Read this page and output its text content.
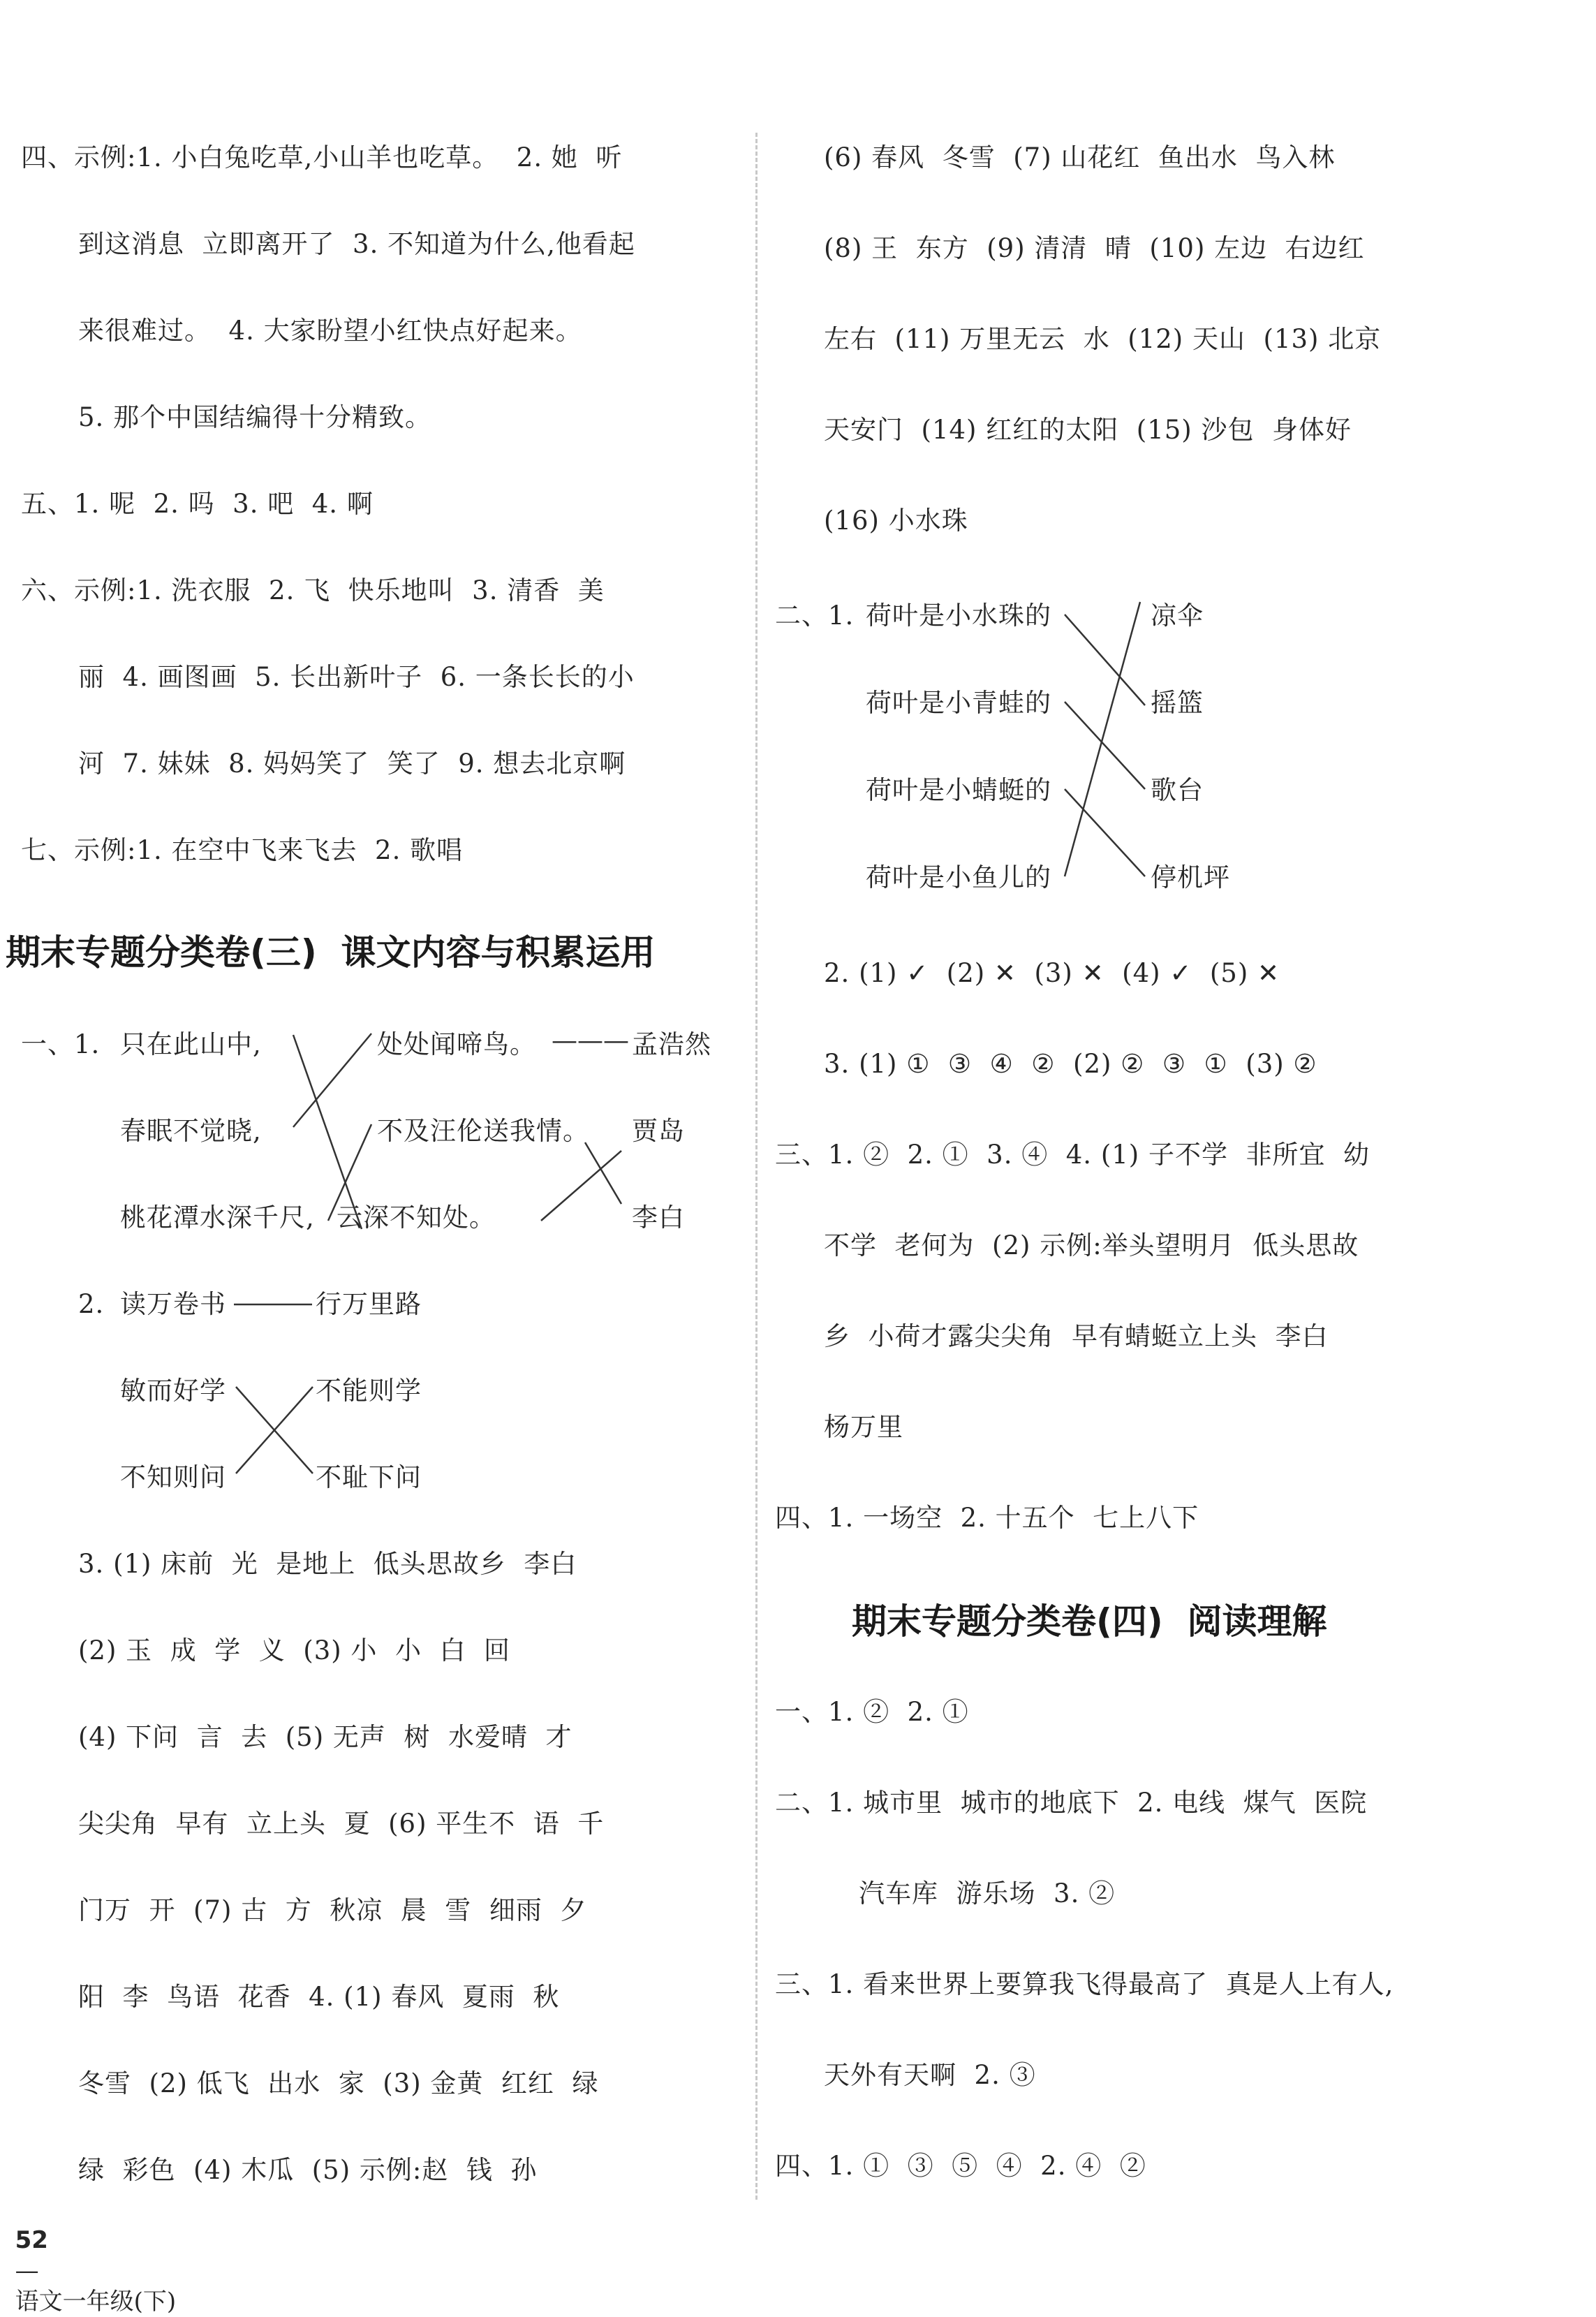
四、示例:1. 小白兔吃草,小山羊也吃草。  2. 她  听
到这消息  立即离开了  3. 不知道为什么,他看起
来很难过。  4. 大家盼望小红快点好起来。
5. 那个中国结编得十分精致。
五、1. 呢  2. 吗  3. 吧  4. 啊
六、示例:1. 洗衣服  2. 飞  快乐地叫  3. 清香  美
丽  4. 画图画  5. 长出新叶子  6. 一条长长的小
河  7. 妹妹  8. 妈妈笑了  笑了  9. 想去北京啊
七、示例:1. 在空中飞来飞去  2. 歌唱
期末专题分类卷(三)  课文内容与积累运用
一、1. 只在此山中,
春眠不觉晓,
桃花潭水深千尺,
处处闻啼鸟。
不及汪伦送我情。
云深不知处。
——— 孟浩然
贾岛
李白
2. 读万卷书	行万里路
敏而好学
不知则问
不能则学
不耻下问
3. (1) 床前  光  是地上  低头思故乡  李白
(2) 玉  成  学  义  (3) 小  小  白  回
(4) 下问  言  去  (5) 无声  树  水爱晴  才
尖尖角  早有  立上头  夏  (6) 平生不  语  千
门万  开  (7) 古  方  秋凉  晨  雪  细雨  夕
阳  李  鸟语  花香  4. (1) 春风  夏雨  秋
冬雪  (2) 低飞  出水  家  (3) 金黄  红红  绿
绿  彩色  (4) 木瓜  (5) 示例:赵  钱  孙
(6) 春风  冬雪  (7) 山花红  鱼出水  鸟入林
(8) 王  东方  (9) 清清  晴  (10) 左边  右边红
左右  (11) 万里无云  水  (12) 天山  (13) 北京
天安门  (14) 红红的太阳  (15) 沙包  身体好
(16) 小水珠
二、1. 荷叶是小水珠的
荷叶是小青蛙的
荷叶是小蜻蜓的
荷叶是小鱼儿的
凉伞
摇篮
歌台
停机坪
2. (1) ✓  (2) ✕  (3) ✕  (4) ✓  (5) ✕
3. (1) ①  ③  ④  ②  (2) ②  ③  ①  (3) ②
三、1. ②  2. ①  3. ④  4. (1) 子不学  非所宜  幼
不学  老何为  (2) 示例:举头望明月  低头思故
乡  小荷才露尖尖角  早有蜻蜓立上头  李白
杨万里
四、1. 一场空  2. 十五个  七上八下
期末专题分类卷(四)  阅读理解
一、1. ②  2. ①
二、1. 城市里  城市的地底下  2. 电线  煤气  医院
汽车库  游乐场  3. ②
三、1. 看来世界上要算我飞得最高了  真是人上有人,
天外有天啊  2. ③
四、1. ①  ③  ⑤  ④  2. ④  ②

52
—
语文一年级(下)
